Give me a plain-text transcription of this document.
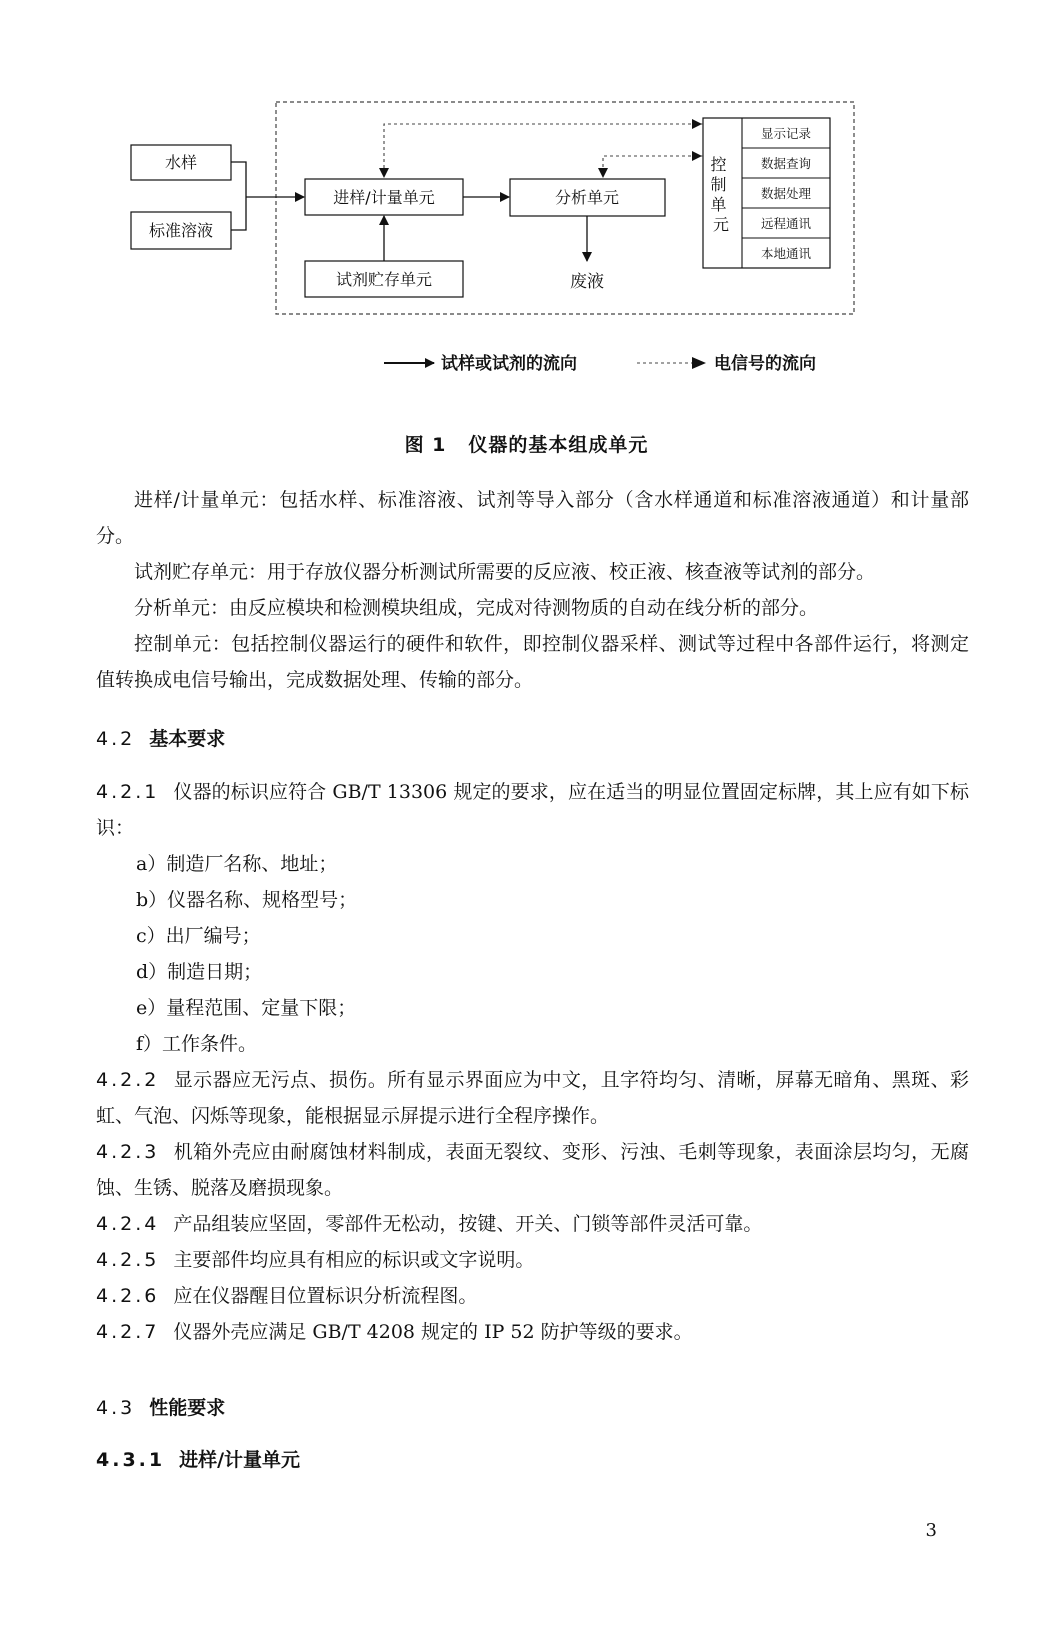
水样
标准溶液
进样/计量单元	分析单元
试剂贮存单元	废液
控 制 单 元
显示记录
数据查询
数据处理
远程通讯
本地通讯
试样或试剂的流向	电信号的流向
图 1 仪器的基本组成单元

进样/计量单元：包括水样、标准溶液、试剂等导入部分（含水样通道和标准溶液通道）和计量部分。

试剂贮存单元：用于存放仪器分析测试所需要的反应液、校正液、核查液等试剂的部分。

分析单元：由反应模块和检测模块组成，完成对待测物质的自动在线分析的部分。

控制单元：包括控制仪器运行的硬件和软件，即控制仪器采样、测试等过程中各部件运行，将测定值转换成电信号输出，完成数据处理、传输的部分。

4.2 基本要求

4.2.1 仪器的标识应符合 GB/T 13306 规定的要求，应在适当的明显位置固定标牌，其上应有如下标识：

a）制造厂名称、地址；

b）仪器名称、规格型号；

c）出厂编号；

d）制造日期；

e）量程范围、定量下限；

f）工作条件。

4.2.2 显示器应无污点、损伤。所有显示界面应为中文，且字符均匀、清晰，屏幕无暗角、黑斑、彩虹、气泡、闪烁等现象，能根据显示屏提示进行全程序操作。

4.2.3 机箱外壳应由耐腐蚀材料制成，表面无裂纹、变形、污浊、毛刺等现象，表面涂层均匀，无腐蚀、生锈、脱落及磨损现象。

4.2.4 产品组装应坚固，零部件无松动，按键、开关、门锁等部件灵活可靠。

4.2.5 主要部件均应具有相应的标识或文字说明。

4.2.6 应在仪器醒目位置标识分析流程图。

4.2.7 仪器外壳应满足 GB/T 4208 规定的 IP 52 防护等级的要求。

4.3 性能要求

4.3.1 进样/计量单元

3
